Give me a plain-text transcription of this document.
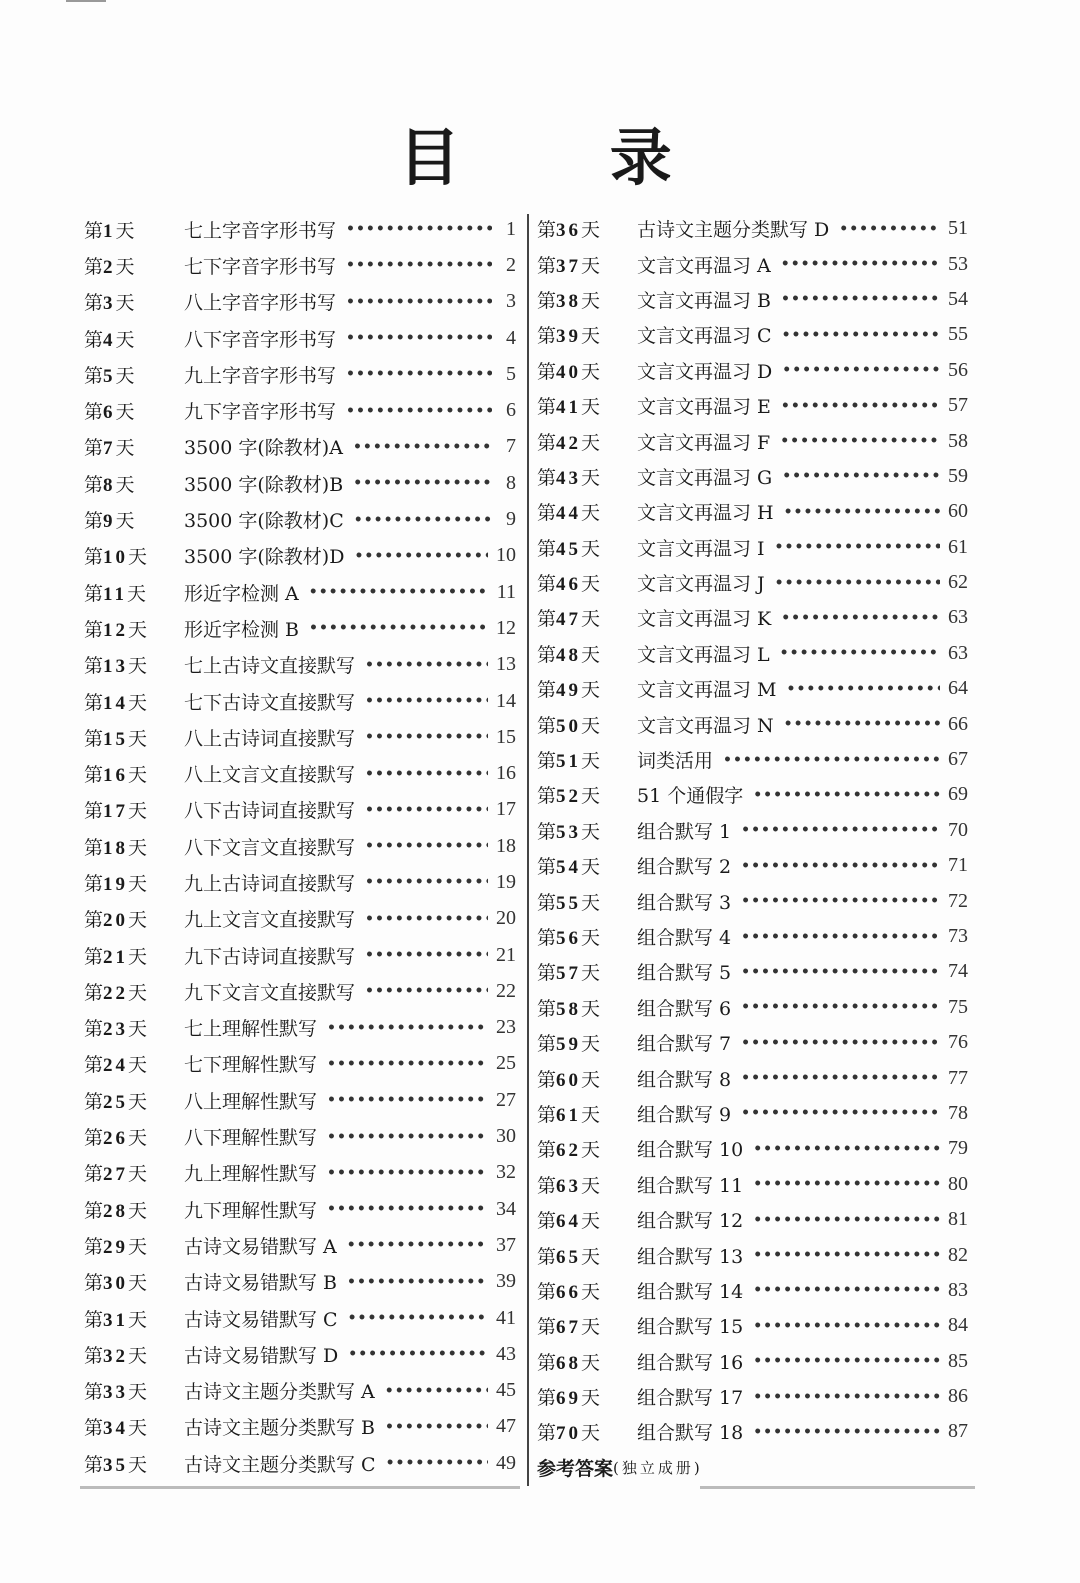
目 录
第1天	七上字音字形书写 •••••	1
第2天	七下字音字形书写 •••••	2
第3天	八上字音字形书写 •••••	3
第4天	八下字音字形书写 •••••	4
第5天	九上字音字形书写 •••••	5
第6天	九下字音字形书写 •••••	6
第7天	3500 字(除教材)A •••••	7
第8天	3500 字(除教材)B •••••	8
第9天	3500 字(除教材)C •••••	9
第10天	3500 字(除教材)D •••••	10
第11天	形近字检测 A •••••	11
第12天	形近字检测 B •••••	12
第13天	七上古诗文直接默写 •••••	13
第14天	七下古诗文直接默写 •••••	14
第15天	八上古诗词直接默写 •••••	15
第16天	八上文言文直接默写 •••••	16
第17天	八下古诗词直接默写 •••••	17
第18天	八下文言文直接默写 •••••	18
第19天	九上古诗词直接默写 •••••	19
第20天	九上文言文直接默写 •••••	20
第21天	九下古诗词直接默写 •••••	21
第22天	九下文言文直接默写 •••••	22
第23天	七上理解性默写 •••••	23
第24天	七下理解性默写 •••••	25
第25天	八上理解性默写 •••••	27
第26天	八下理解性默写 •••••	30
第27天	九上理解性默写 •••••	32
第28天	九下理解性默写 •••••	34
第29天	古诗文易错默写 A •••••	37
第30天	古诗文易错默写 B •••••	39
第31天	古诗文易错默写 C •••••	41
第32天	古诗文易错默写 D •••••	43
第33天	古诗文主题分类默写 A •••••	45
第34天	古诗文主题分类默写 B •••••	47
第35天	古诗文主题分类默写 C •••••	49
第36天	古诗文主题分类默写 D •••••	51
第37天	文言文再温习 A •••••	53
第38天	文言文再温习 B •••••	54
第39天	文言文再温习 C •••••	55
第40天	文言文再温习 D •••••	56
第41天	文言文再温习 E •••••	57
第42天	文言文再温习 F •••••	58
第43天	文言文再温习 G •••••	59
第44天	文言文再温习 H •••••	60
第45天	文言文再温习 I •••••	61
第46天	文言文再温习 J •••••	62
第47天	文言文再温习 K •••••	63
第48天	文言文再温习 L •••••	63
第49天	文言文再温习 M •••••	64
第50天	文言文再温习 N •••••	66
第51天	词类活用 •••••	67
第52天	51 个通假字 •••••	69
第53天	组合默写 1 •••••	70
第54天	组合默写 2 •••••	71
第55天	组合默写 3 •••••	72
第56天	组合默写 4 •••••	73
第57天	组合默写 5 •••••	74
第58天	组合默写 6 •••••	75
第59天	组合默写 7 •••••	76
第60天	组合默写 8 •••••	77
第61天	组合默写 9 •••••	78
第62天	组合默写 10 •••••	79
第63天	组合默写 11 •••••	80
第64天	组合默写 12 •••••	81
第65天	组合默写 13 •••••	82
第66天	组合默写 14 •••••	83
第67天	组合默写 15 •••••	84
第68天	组合默写 16 •••••	85
第69天	组合默写 17 •••••	86
第70天	组合默写 18 •••••	87
参考答案 (独立成册)
